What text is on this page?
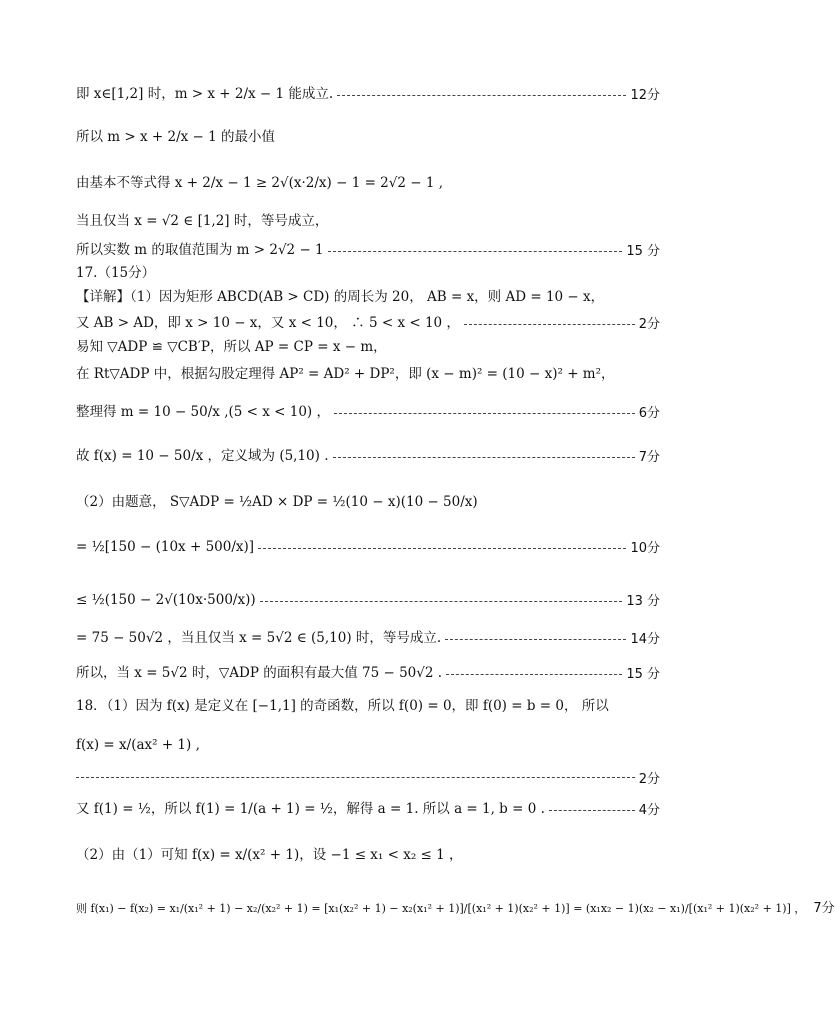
即 x∈[1,2] 时，m > x + 2/x − 1 能成立.	12分
所以 m > x + 2/x − 1 的最小值
由基本不等式得 x + 2/x − 1 ≥ 2√(x·2/x) − 1 = 2√2 − 1 ,
当且仅当 x = √2 ∈ [1,2] 时，等号成立，
所以实数 m 的取值范围为 m > 2√2 − 1	15 分
17.（15分）
【详解】（1）因为矩形 ABCD(AB > CD) 的周长为 20， AB = x，则 AD = 10 − x，
又 AB > AD，即 x > 10 − x，又 x < 10， ∴ 5 < x < 10 ，	2分
易知 ▽ADP ≌ ▽CB′P，所以 AP = CP = x − m，
在 Rt▽ADP 中，根据勾股定理得 AP² = AD² + DP²，即 (x − m)² = (10 − x)² + m²，
整理得 m = 10 − 50/x ,(5 < x < 10) ，	6分
故 f(x) = 10 − 50/x ，定义域为 (5,10) .	7分
（2）由题意， S▽ADP = ½AD × DP = ½(10 − x)(10 − 50/x)
= ½[150 − (10x + 500/x)]	10分
≤ ½(150 − 2√(10x·500/x))	13 分
= 75 − 50√2 ，当且仅当 x = 5√2 ∈ (5,10) 时，等号成立.	14分
所以，当 x = 5√2 时，▽ADP 的面积有最大值 75 − 50√2 .	15 分
18．（1）因为 f(x) 是定义在 [−1,1] 的奇函数，所以 f(0) = 0，即 f(0) = b = 0， 所以
f(x) = x/(ax² + 1) ,
2分
又 f(1) = ½，所以 f(1) = 1/(a + 1) = ½，解得 a = 1. 所以 a = 1, b = 0 .	4分
（2）由（1）可知 f(x) = x/(x² + 1)，设 −1 ≤ x₁ < x₂ ≤ 1 ，
则 f(x₁) − f(x₂) = x₁/(x₁² + 1) − x₂/(x₂² + 1) = [x₁(x₂² + 1) − x₂(x₁² + 1)]/[(x₁² + 1)(x₂² + 1)] = (x₁x₂ − 1)(x₂ − x₁)/[(x₁² + 1)(x₂² + 1)] ， 7分
